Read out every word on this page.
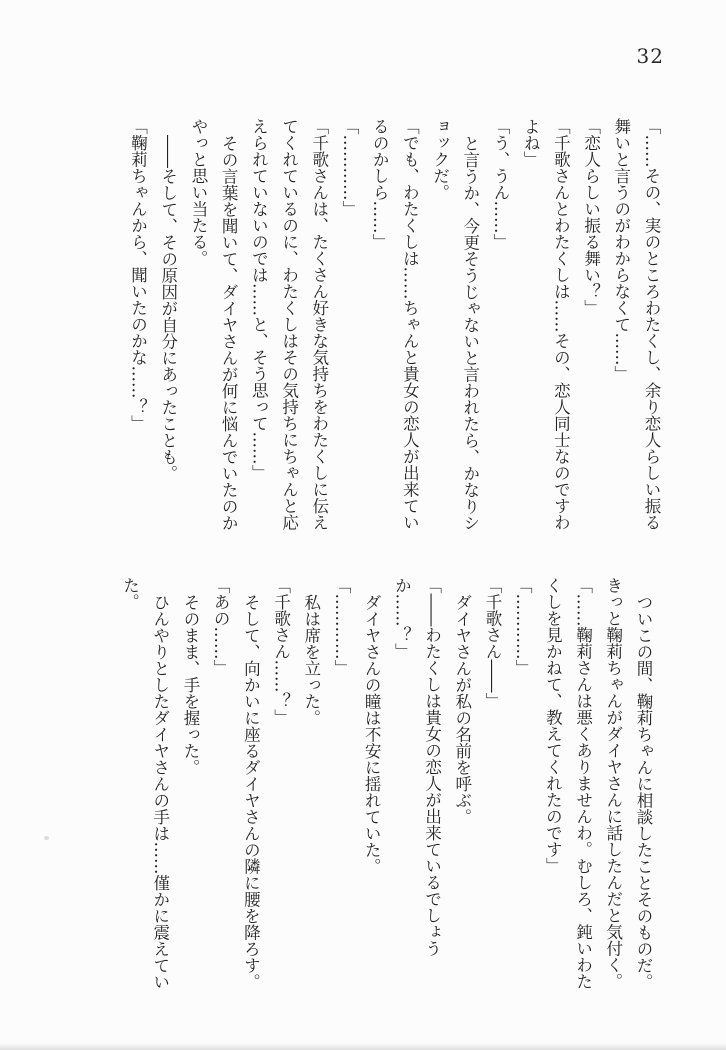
32

「……その、実のところわたくし、余り恋人らしい振る舞いと言うのがわからなくて……」

「恋人らしい振る舞い？」

「千歌さんとわたくしは……その、恋人同士なのですわよね」

「う、うん……」

と言うか、今更そうじゃないと言われたら、かなりショックだ。

「でも、わたくしは……ちゃんと貴女の恋人が出来ているのかしら……」

「…………」

「千歌さんは、たくさん好きな気持ちをわたくしに伝えてくれているのに、わたくしはその気持ちにちゃんと応えられていないのでは……と、そう思って……」

その言葉を聞いて、ダイヤさんが何に悩んでいたのかやっと思い当たる。

――そして、その原因が自分にあったことも。

「鞠莉ちゃんから、聞いたのかな……？」

ついこの間、鞠莉ちゃんに相談したことそのものだ。きっと鞠莉ちゃんがダイヤさんに話したんだと気付く。

「……鞠莉さんは悪くありませんわ。むしろ、鈍いわたくしを見かねて、教えてくれたのです」

「…………」

「千歌さん――」

ダイヤさんが私の名前を呼ぶ。

「――わたくしは貴女の恋人が出来ているでしょうか……？」

ダイヤさんの瞳は不安に揺れていた。

「…………」

私は席を立った。

「千歌さん……？」

そして、向かいに座るダイヤさんの隣に腰を降ろす。

「あの……」

そのまま、手を握った。

ひんやりとしたダイヤさんの手は……僅かに震えていた。
